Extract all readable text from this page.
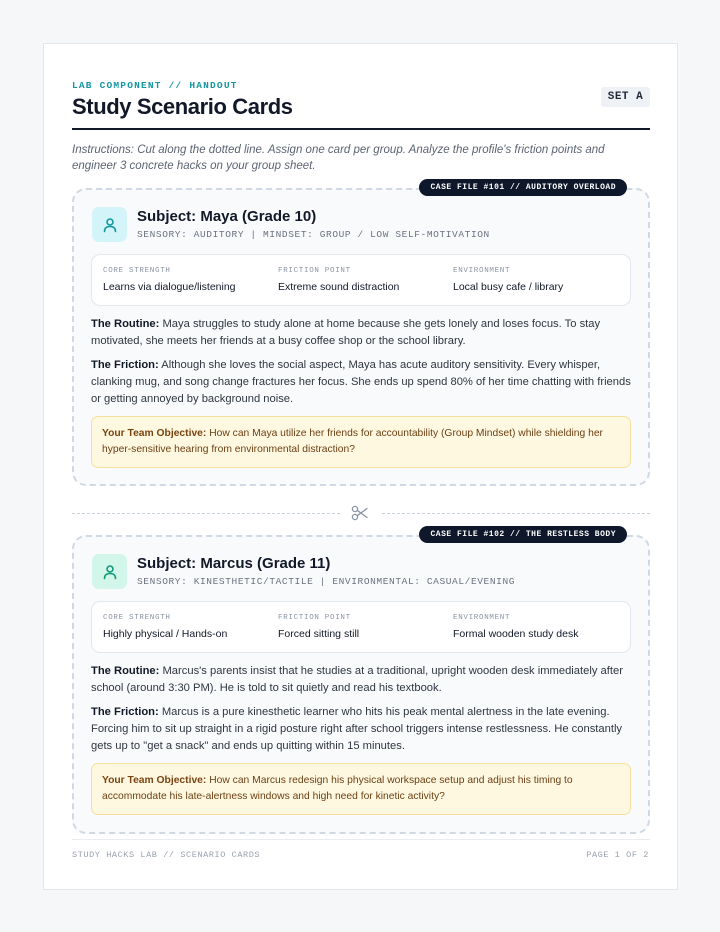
LAB COMPONENT // HANDOUT
Study Scenario Cards	SET A
Instructions: Cut along the dotted line. Assign one card per group. Analyze the profile's friction points and engineer 3 concrete hacks on your group sheet.
CASE FILE #101 // AUDITORY OVERLOAD
Subject: Maya (Grade 10)
SENSORY: AUDITORY | MINDSET: GROUP / LOW SELF-MOTIVATION
CORE STRENGTH
Learns via dialogue/listening
FRICTION POINT
Extreme sound distraction
ENVIRONMENT
Local busy cafe / library
The Routine: Maya struggles to study alone at home because she gets lonely and loses focus. To stay motivated, she meets her friends at a busy coffee shop or the school library.
The Friction: Although she loves the social aspect, Maya has acute auditory sensitivity. Every whisper, clanking mug, and song change fractures her focus. She ends up spend 80% of her time chatting with friends or getting annoyed by background noise.
Your Team Objective: How can Maya utilize her friends for accountability (Group Mindset) while shielding her hyper-sensitive hearing from environmental distraction?
CASE FILE #102 // THE RESTLESS BODY
Subject: Marcus (Grade 11)
SENSORY: KINESTHETIC/TACTILE | ENVIRONMENTAL: CASUAL/EVENING
CORE STRENGTH
Highly physical / Hands-on
FRICTION POINT
Forced sitting still
ENVIRONMENT
Formal wooden study desk
The Routine: Marcus's parents insist that he studies at a traditional, upright wooden desk immediately after school (around 3:30 PM). He is told to sit quietly and read his textbook.
The Friction: Marcus is a pure kinesthetic learner who hits his peak mental alertness in the late evening. Forcing him to sit up straight in a rigid posture right after school triggers intense restlessness. He constantly gets up to "get a snack" and ends up quitting within 15 minutes.
Your Team Objective: How can Marcus redesign his physical workspace setup and adjust his timing to accommodate his late-alertness windows and high need for kinetic activity?
STUDY HACKS LAB // SCENARIO CARDS	PAGE 1 OF 2
